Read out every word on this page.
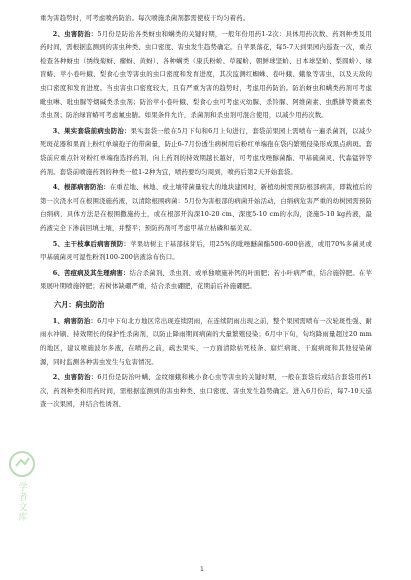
重为害趋势时，可考虑喷药防治。每次喷施杀菌剂都需使枝干均匀着药。

2、虫害防治：5月份是防治各类蚜虫和螨类的关键时期，一般年份用药1-2次：具体用药次数、药剂种类及用药时间，需根据监测到的害虫种类、虫口密度、害虫发生趋势确定。自苹果落花，每5-7天到果园内巡查一次，重点检查各种蚜虫（绣线菊蚜、瘤蚜、黄蚜）、各种螨类（康氏粉蚧、草履蚧、朝鲜球坚蚧、日本球坚蚧、梨圆蚧）、绿盲蝽、苹小卷叶蛾、梨食心虫等害虫的虫口密度和发育进度，其次监测红蜘蛛、卷叶蛾、蛾象等害虫，以及天敌的虫口密度和发育进度。当虫害虫口密度较大，且有严重为害的趋势时，考虑用药防治。防治蚜虫和螨类药剂可考虑毗虫啉、吡虫脲等烟碱类杀虫剂；防治苹小卷叶蛾、梨食心虫可考虑灭幼脲、杀铃脲、阿维菌素、虫酰肼等微素类杀虫剂；防治绿盲蝽可考虑氟虫腈。如果条件允许，杀菌剂和杀虫剂可混合使用，以减少用药次数。

3、果实套袋前病虫防治：果实套袋一般在5月下旬和6月上旬进行，套袋前果园上需喷布一遍杀菌剂，以减少死斑花器和果面上粉红单端孢子的带菌量，防止6-7月份透生病树用后粉红单端孢在袋内繁殖侵染形成黑点病斑。套袋前应重点针对粉红单端孢选择药剂，向上药剂的持效期越长越好，可考虑戊唑醇菌酯、甲基硫菌灵、代森锰锌等药剂。套袋前喷施药剂的种类一般1-2种为宜，喷药要均匀周到，喷药后第2天开始套袋。

4、根部病害防治：在重茬地、林地、或土壤带菌量较大的地块建园时，新植幼树需预防根部病害，即栽植后的第一次浇水可在根围浇施药液，以清除根围病菌：5月份为害根部的病菌开始活动，白绢病危害严重的幼树园需预防白绢病，具体方法是在根围撒施药土，或在根部开沟深10-20 cm、深度5-10 cm的水沟，浇施5-10 kg药液，最药液完全下渗前回填土壤，并整平；预防药剂可考虑甲基立枯磷和福美双。

5、主干枝拿后病害预防：苹果幼树主干基部抹芽后，用25%的吡唑醚菌酯500-600倍液，或用70%多菌灵或甲基硫菌灵可湿性粉剂100-200倍液涂布伤口。

6、苦痘病及其生理病害：结合杀菌剂、杀虫剂、或单独喷施补钙的叶面肥；若小叶病严重，结合施锌肥。在苹果展叶期喷施锌肥；若树体缺硼严重，结合杀虫硼肥，花期前后补施硼肥。

六月：病虫防治

1、病害防治：6月中下旬北方地区常出现连续阴雨，在连续阴雨出现之前，整个果园需喷布一次轮斑性强、耐雨水冲刷、持效期长的保护性杀菌剂，以防止降雨期间病菌的大量繁殖侵染；6月中下旬，旬均降雨量超过20 mm的地区，建议喷施波尔多液，在喷药之前，疏去果实，一方面清除枯死枝条、腐烂病斑、干腐病斑和其他侵染菌源，同时监测各种害虫发生与危害情况。

2、虫害防治：6月份是防治叶螨、金纹细蛾和桃小食心虫等害虫的关键时期，一般在套袋后或结合套袋用药1次，药剂种类和用药时间，需根据监测到的害虫种类、虫口密度、害虫发生趋势确定。进入6月份后，每7-10天巡查一次果园，并结合性诱剂、

学者文库
1
